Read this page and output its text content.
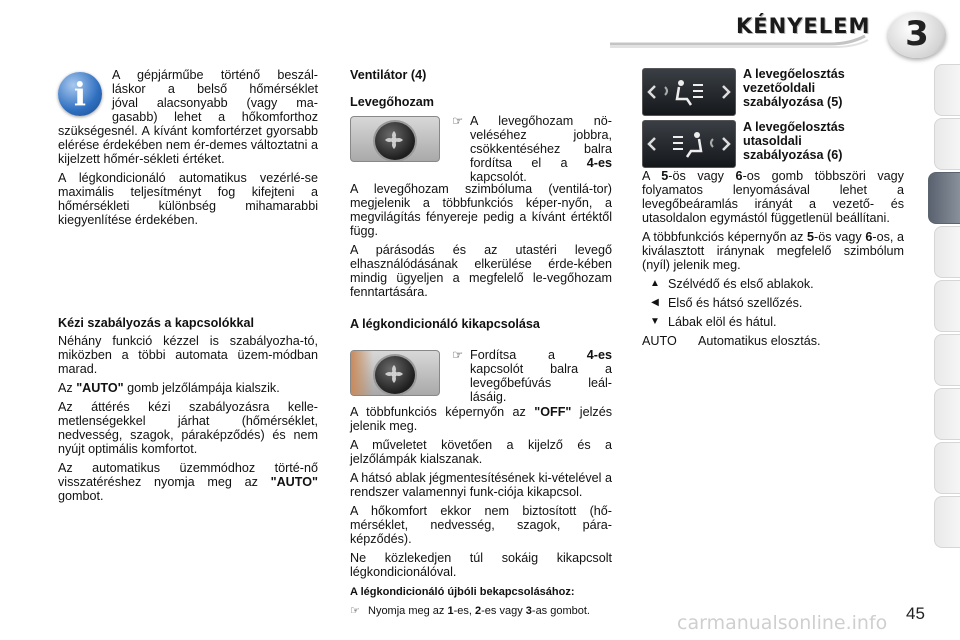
KÉNYELEM	3
i	A gépjárműbe történő beszál-

láskor a belső hőmérséklet

jóval alacsonyabb (vagy ma-

gasabb) lehet a hőkomforthoz

szükségesnél. A kívánt komfortérzet gyorsabb elérése érdekében nem ér-demes változtatni a kijelzett hőmér-sékleti értéket.

A légkondicionáló automatikus vezérlé-se maximális teljesítményt fog kifejteni a hőmérsékleti különbség mihamarabbi kiegyenlítése érdekében.

Kézi szabályozás a kapcsolókkal

Néhány funkció kézzel is szabályozha-tó, miközben a többi automata üzem-módban marad.

Az "AUTO" gomb jelzőlámpája kialszik.

Az áttérés kézi szabályozásra kelle-metlenségekkel járhat (hőmérséklet, nedvesség, szagok, páraképződés) és nem nyújt optimális komfortot.

Az automatikus üzemmódhoz törté-nő visszatéréshez nyomja meg az "AUTO" gombot.

Ventilátor (4)

Levegőhozam

☞ A levegőhozam nö-veléséhez jobbra, csökkentéséhez balra fordítsa el a 4-es kapcsolót.

A levegőhozam szimbóluma (ventilá-tor) megjelenik a többfunkciós képer-nyőn, a megvilágítás fényereje pedig a kívánt értéktől függ.

A párásodás és az utastéri levegő elhasználódásának elkerülése érde-kében mindig ügyeljen a megfelelő le-vegőhozam fenntartására.

A légkondicionáló kikapcsolása

☞ Fordítsa a 4-es kapcsolót balra a levegőbefúvás leál-lásáig.

A többfunkciós képernyőn az "OFF" jelzés jelenik meg.

A műveletet követően a kijelző és a jelzőlámpák kialszanak.

A hátsó ablak jégmentesítésének ki-vételével a rendszer valamennyi funk-ciója kikapcsol.

A hőkomfort ekkor nem biztosított (hő-mérséklet, nedvesség, szagok, pára-képződés).

Ne közlekedjen túl sokáig kikapcsolt légkondicionálóval.

A légkondicionáló újbóli bekapcsolásához:

☞ Nyomja meg az 1-es, 2-es vagy 3-as gombot.

A levegőelosztás vezetőoldali szabályozása (5)

A levegőelosztás utasoldali szabályozása (6)

A 5-ös vagy 6-os gomb többszöri vagy folyamatos lenyomásával lehet a levegőbeáramlás irányát a vezető- és utasoldalon egymástól függetlenül beállítani.

A többfunkciós képernyőn az 5-ös vagy 6-os, a kiválasztott iránynak megfelelő szimbólum (nyíl) jelenik meg.

▲ Szélvédő és első ablakok.
◀ Első és hátsó szellőzés.
▼ Lábak elöl és hátul.
AUTO	Automatikus elosztás.
carmanualsonline.info 45
